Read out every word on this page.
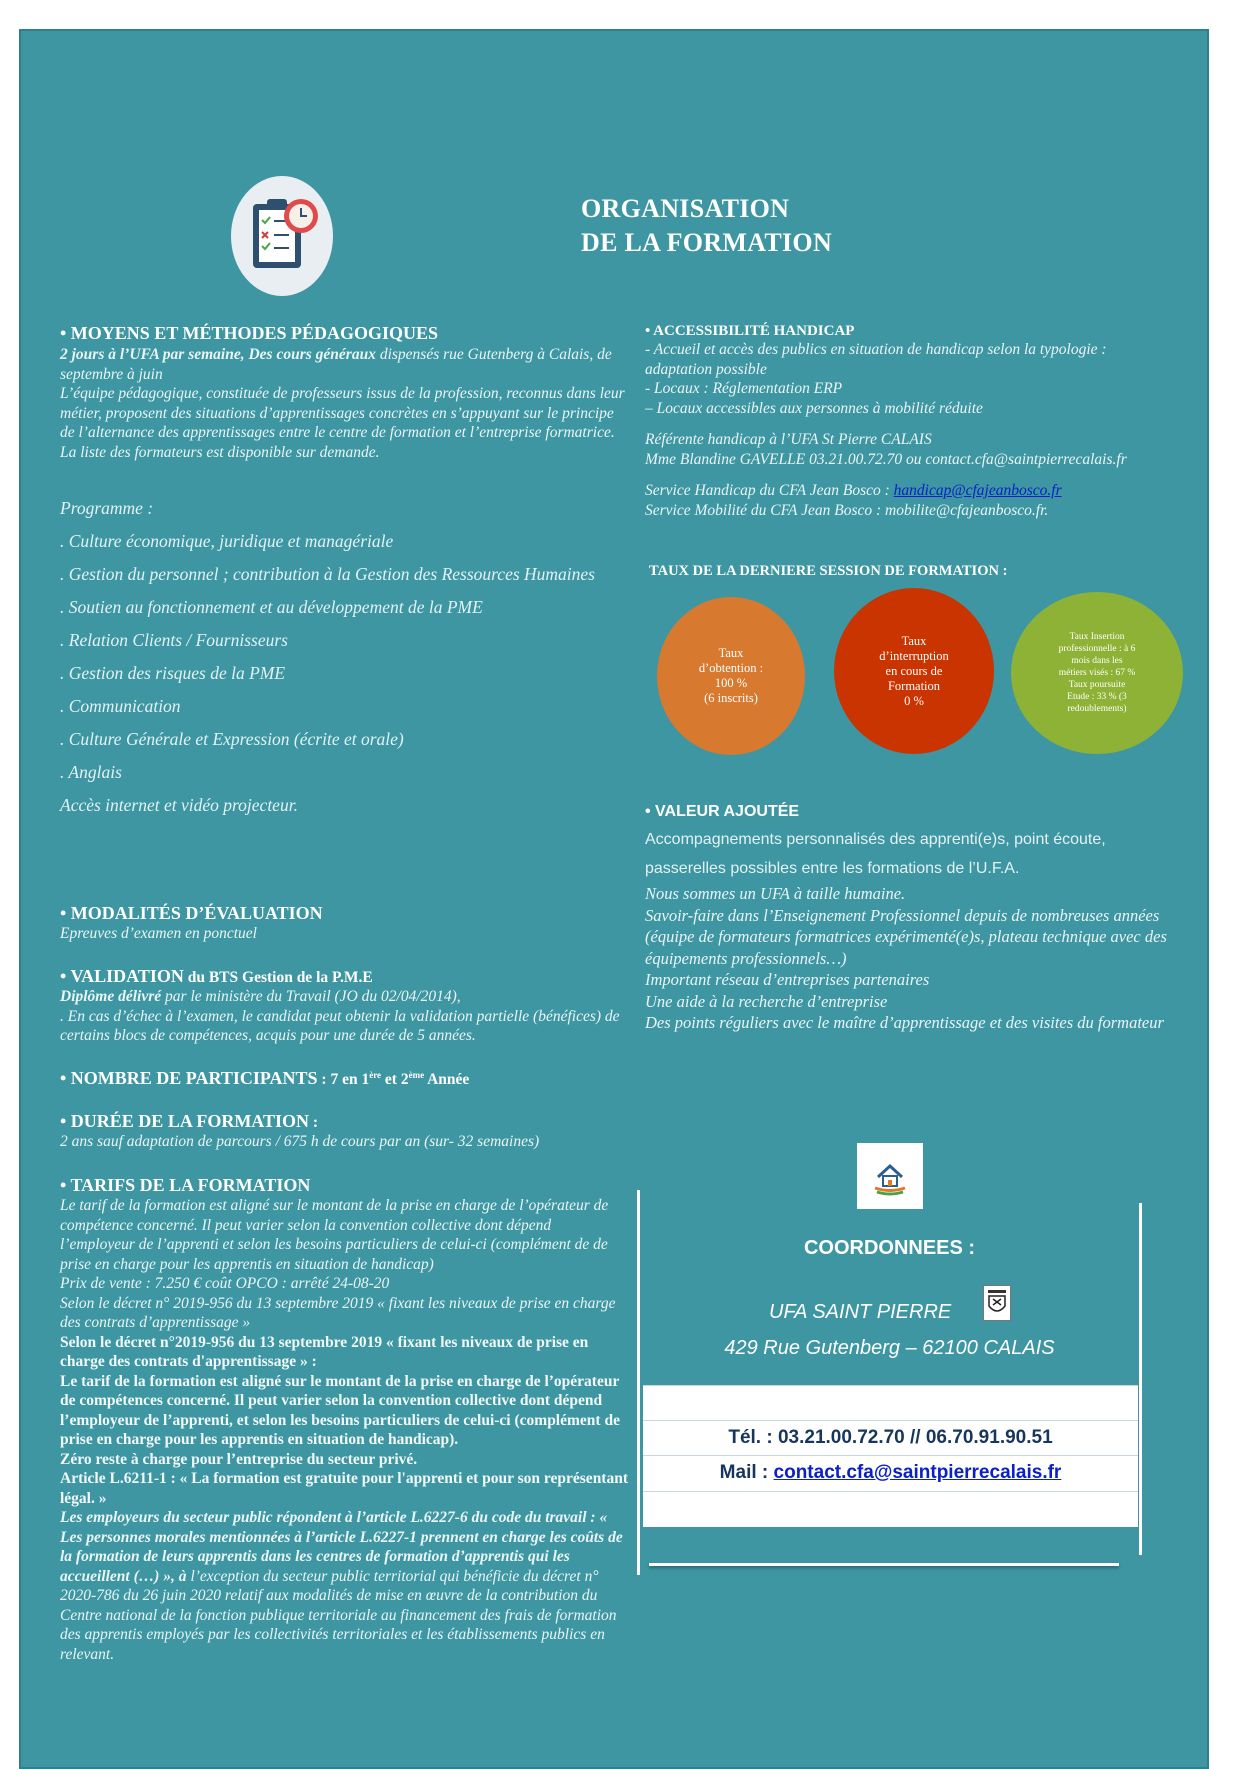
ORGANISATION
DE LA FORMATION
• MOYENS ET MÉTHODES PÉDAGOGIQUES
2 jours à l’UFA par semaine, Des cours généraux dispensés rue Gutenberg à Calais, de septembre à juin
L’équipe pédagogique, constituée de professeurs issus de la profession, reconnus dans leur métier, proposent des situations d’apprentissages concrètes en s’appuyant sur le principe de l’alternance des apprentissages entre le centre de formation et l’entreprise formatrice. La liste des formateurs est disponible sur demande.
Programme :
. Culture économique, juridique et managériale
. Gestion du personnel ; contribution à la Gestion des Ressources Humaines
. Soutien au fonctionnement et au développement de la PME
. Relation Clients / Fournisseurs
. Gestion des risques de la PME
. Communication
. Culture Générale et Expression (écrite et orale)
. Anglais
Accès internet et vidéo projecteur.
• MODALITÉS D’ÉVALUATION
Epreuves d’examen en ponctuel
• VALIDATION du BTS Gestion de la P.M.E
Diplôme délivré par le ministère du Travail (JO du 02/04/2014),
. En cas d’échec à l’examen, le candidat peut obtenir la validation partielle (bénéfices) de certains blocs de compétences, acquis pour une durée de 5 années.
• NOMBRE DE PARTICIPANTS : 7 en 1ère et 2ème Année
• DURÉE DE LA FORMATION :
2 ans sauf adaptation de parcours / 675 h de cours par an (sur- 32 semaines)
• TARIFS DE LA FORMATION
Le tarif de la formation est aligné sur le montant de la prise en charge de l’opérateur de compétence concerné. Il peut varier selon la convention collective dont dépend l’employeur de l’apprenti et selon les besoins particuliers de celui-ci (complément de de prise en charge pour les apprentis en situation de handicap)
Prix de vente : 7.250 € coût OPCO : arrêté 24-08-20
Selon le décret n° 2019-956 du 13 septembre 2019 « fixant les niveaux de prise en charge des contrats d’apprentissage »
Selon le décret n°2019-956 du 13 septembre 2019 « fixant les niveaux de prise en charge des contrats d'apprentissage » :
Le tarif de la formation est aligné sur le montant de la prise en charge de l’opérateur de compétences concerné. Il peut varier selon la convention collective dont dépend l’employeur de l’apprenti, et selon les besoins particuliers de celui-ci (complément de prise en charge pour les apprentis en situation de handicap).
Zéro reste à charge pour l’entreprise du secteur privé.
Article L.6211-1 : « La formation est gratuite pour l'apprenti et pour son représentant légal. »
Les employeurs du secteur public répondent à l’article L.6227-6 du code du travail : « Les personnes morales mentionnées à l’article L.6227-1 prennent en charge les coûts de la formation de leurs apprentis dans les centres de formation d’apprentis qui les accueillent (…) », à l’exception du secteur public territorial qui bénéficie du décret n° 2020-786 du 26 juin 2020 relatif aux modalités de mise en œuvre de la contribution du Centre national de la fonction publique territoriale au financement des frais de formation des apprentis employés par les collectivités territoriales et les établissements publics en relevant.
• ACCESSIBILITÉ HANDICAP
- Accueil et accès des publics en situation de handicap selon la typologie : adaptation possible
- Locaux : Réglementation ERP
– Locaux accessibles aux personnes à mobilité réduite
Référente handicap à l’UFA St Pierre CALAIS
Mme Blandine GAVELLE 03.21.00.72.70 ou contact.cfa@saintpierrecalais.fr
Service Handicap du CFA Jean Bosco : handicap@cfajeanbosco.fr
Service Mobilité du CFA Jean Bosco : mobilite@cfajeanbosco.fr.
TAUX DE LA DERNIERE SESSION DE FORMATION :
Taux
d’obtention :
100 %
(6 inscrits)
Taux
d’interruption
en cours de
Formation
0 %
Taux Insertion
professionnelle : à 6
mois dans les
métiers visés : 67 %
Taux poursuite
Etude : 33 % (3
redoublements)
• VALEUR AJOUTÉE
Accompagnements personnalisés des apprenti(e)s, point écoute,
passerelles possibles entre les formations de l’U.F.A.
Nous sommes un UFA à taille humaine.
Savoir-faire dans l’Enseignement Professionnel depuis de nombreuses années (équipe de formateurs formatrices expérimenté(e)s, plateau technique avec des équipements professionnels…)
Important réseau d’entreprises partenaires
Une aide à la recherche d’entreprise
Des points réguliers avec le maître d’apprentissage et des visites du formateur
COORDONNEES :
UFA SAINT PIERRE
429 Rue Gutenberg – 62100 CALAIS
Tél. : 03.21.00.72.70 // 06.70.91.90.51
Mail : contact.cfa@saintpierrecalais.fr
